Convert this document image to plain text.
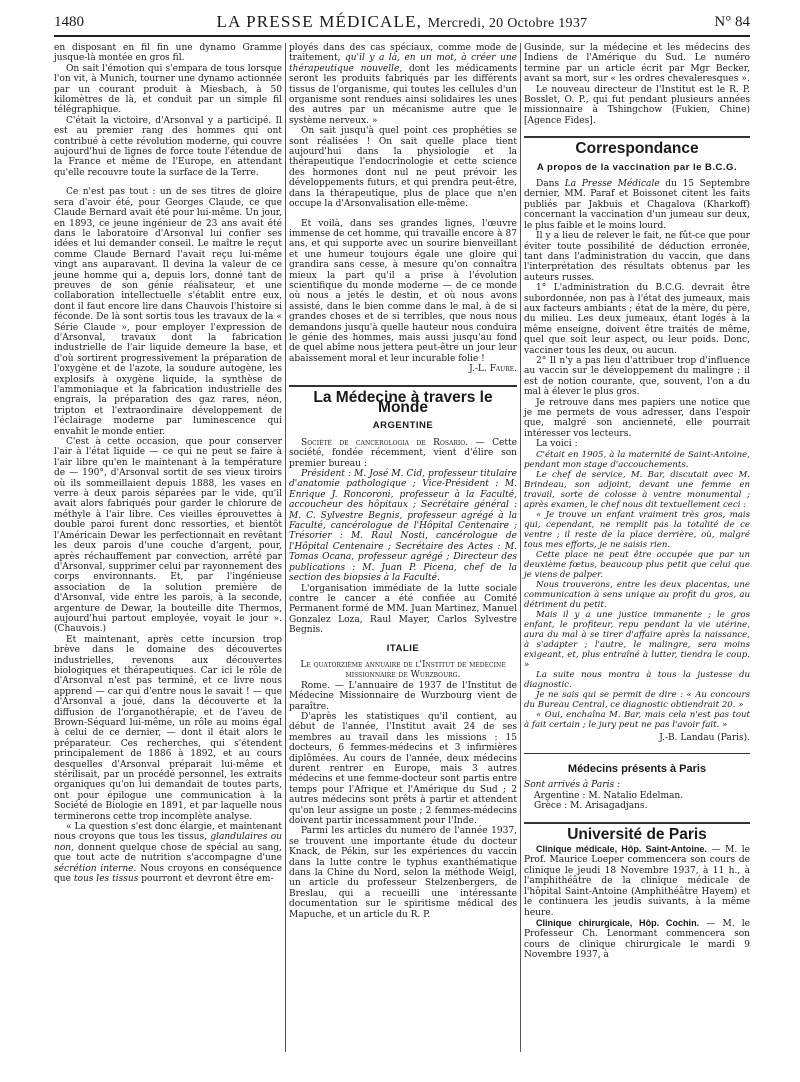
1480	LA PRESSE MÉDICALE, Mercredi, 20 Octobre 1937	N° 84

en disposant en fil fin une dynamo Gramme jusque-là montée en gros fil.

On sait l'émotion qui s'empara de tous lorsque l'on vit, à Munich, tourner une dynamo actionnée par un courant produit à Miesbach, à 50 kilomètres de là, et conduit par un simple fil télégraphique.

C'était la victoire, d'Arsonval y a participé. Il est au premier rang des hommes qui ont contribué à cette révolution moderne, qui couvre aujourd'hui de lignes de force toute l'étendue de la France et même de l'Europe, en attendant qu'elle recouvre toute la surface de la Terre.

Ce n'est pas tout : un de ses titres de gloire sera d'avoir été, pour Georges Claude, ce que Claude Bernard avait été pour lui-même. Un jour, en 1893, ce jeune ingénieur de 23 ans avait été dans le laboratoire d'Arsonval lui confier ses idées et lui demander conseil. Le maître le reçut comme Claude Bernard l'avait reçu lui-même vingt ans auparavant. Il devina la valeur de ce jeune homme qui a, depuis lors, donné tant de preuves de son génie réalisateur, et une collaboration intellectuelle s'établit entre eux, dont il faut encore lire dans Chauvois l'histoire si féconde. De là sont sortis tous les travaux de la « Série Claude », pour employer l'expression de d'Arsonval, travaux dont la fabrication industrielle de l'air liquide demeure la base, et d'où sortirent progressivement la préparation de l'oxygène et de l'azote, la soudure autogène, les explosifs à oxygène liquide, la synthèse de l'ammoniaque et la fabrication industrielle des engrais, la préparation des gaz rares, néon, tripton et l'extraordinaire développement de l'éclairage moderne par luminescence qui envahit le monde entier.

C'est à cette occasion, que pour conserver l'air à l'état liquide — ce qui ne peut se faire à l'air libre qu'en le maintenant à la température de — 190°, d'Arsonval sortit de ses vieux tiroirs où ils sommeillaient depuis 1888, les vases en verre à deux parois séparées par le vide, qu'il avait alors fabriqués pour garder le chlorure de méthyle à l'air libre. Ces vieilles éprouvettes à double paroi furent donc ressorties, et bientôt l'Américain Dewar les perfectionnait en revêtant les deux parois d'une couche d'argent, pour, après réchauffement par convection, arrêté par d'Arsonval, supprimer celui par rayonnement des corps environnants. Et, par l'ingénieuse association de la solution première de d'Arsonval, vide entre les parois, à la seconde, argenture de Dewar, la bouteille dite Thermos, aujourd'hui partout employée, voyait le jour ». (Chauvois.)

Et maintenant, après cette incursion trop brève dans le domaine des découvertes industrielles, revenons aux découvertes biologiques et thérapeutiques. Car ici le rôle de d'Arsonval n'est pas terminé, et ce livre nous apprend — car qui d'entre nous le savait ! — que d'Arsonval a joué, dans la découverte et la diffusion de l'organothérapie, et de l'aveu de Brown-Séquard lui-même, un rôle au moins égal à celui de ce dernier, — dont il était alors le préparateur. Ces recherches, qui s'étendent principalement de 1886 à 1892, et au cours desquelles d'Arsonval préparait lui-même et stérilisait, par un procédé personnel, les extraits organiques qu'on lui demandait de toutes parts, ont pour épilogue une communication à la Société de Biologie en 1891, et par laquelle nous terminerons cette trop incomplète analyse.

« La question s'est donc élargie, et maintenant nous croyons que tous les tissus, glandulaires ou non, donnent quelque chose de spécial au sang, que tout acte de nutrition s'accompagne d'une sécrétion interne. Nous croyons en conséquence que tous les tissus pourront et devront être em-

ployés dans des cas spéciaux, comme mode de traitement, qu'il y a là, en un mot, à créer une thérapeutique nouvelle, dont les médicaments seront les produits fabriqués par les différents tissus de l'organisme, qui toutes les cellules d'un organisme sont rendues ainsi solidaires les unes des autres par un mécanisme autre que le système nerveux. »

On sait jusqu'à quel point ces prophéties se sont réalisées ! On sait quelle place tient aujourd'hui dans la physiologie et la thérapeutique l'endocrinologie et cette science des hormones dont nul ne peut prévoir les développements futurs, et qui prendra peut-être, dans la thérapeutique, plus de place que n'en occupe la d'Arsonvalisation elle-même.

Et voilà, dans ses grandes lignes, l'œuvre immense de cet homme, qui travaille encore à 87 ans, et qui supporte avec un sourire bienveillant et une humeur toujours égale une gloire qui grandira sans cesse, à mesure qu'on connaîtra mieux la part qu'il a prise à l'évolution scientifique du monde moderne — de ce monde où nous a jetés le destin, et où nous avons assisté, dans le bien comme dans le mal, à de si grandes choses et de si terribles, que nous nous demandons jusqu'à quelle hauteur nous conduira le génie des hommes, mais aussi jusqu'au fond de quel abîme nous jettera peut-être un jour leur abaissement moral et leur incurable folie !

J.-L. Faure.

La Médecine à travers le Monde
ARGENTINE

Société de cancerologia de Rosario. — Cette société, fondée récemment, vient d'élire son premier bureau :

Président : M. José M. Cid, professeur titulaire d'anatomie pathologique ; Vice-Président : M. Enrique J. Roncoroni, professeur à la Faculté, accoucheur des hôpitaux ; Secrétaire général : M. C. Sylvestre Begnis, professeur agrégé à la Faculté, cancérologue de l'Hôpital Centenaire ; Trésorier : M. Raul Nosti, cancérologue de l'Hôpital Centenaire ; Secrétaire des Actes : M. Tomas Ocana, professeur agrégé ; Directeur des publications : M. Juan P. Picena, chef de la section des biopsies à la Faculté.

L'organisation immédiate de la lutte sociale contre le cancer a été confiée au Comité Permanent formé de MM. Juan Martinez, Manuel Gonzalez Loza, Raul Mayer, Carlos Sylvestre Begnis.

ITALIE

Le quatorzième annuaire de l'Institut de médecine missionnaire de Wurzbourg.

Rome. — L'annuaire de 1937 de l'Institut de Médecine Missionnaire de Wurzbourg vient de paraître.

D'après les statistiques qu'il contient, au début de l'année, l'Institut avait 24 de ses membres au travail dans les missions : 15 docteurs, 6 femmes-médecins et 3 infirmières diplômées. Au cours de l'année, deux médecins durent rentrer en Europe, mais 3 autres médecins et une femme-docteur sont partis entre temps pour l'Afrique et l'Amérique du Sud ; 2 autres médecins sont prêts à partir et attendent qu'on leur assigne un poste ; 2 femmes-médecins doivent partir incessamment pour l'Inde.

Parmi les articles du numéro de l'année 1937, se trouvent une importante étude du docteur Knack, de Pékin, sur les expériences du vaccin dans la lutte contre le typhus exanthématique dans la Chine du Nord, selon la méthode Weigl, un article du professeur Stelzenbergers, de Breslau, qui a recueilli une intéressante documentation sur le spiritisme médical des Mapuche, et un article du R. P.

Gusinde, sur la médecine et les médecins des Indiens de l'Amérique du Sud. Le numéro termine par un article écrit par Mgr Becker, avant sa mort, sur « les ordres chevaleresques ».

Le nouveau directeur de l'Institut est le R. P. Bosslet, O. P., qui fut pendant plusieurs années missionnaire à Tshingchow (Fukien, Chine) [Agence Fides].

Correspondance
A propos de la vaccination par le B.C.G.

Dans La Presse Médicale du 15 Septembre dernier, MM. Paraf et Boissonet citent les faits publiés par Jakbuis et Chagalova (Kharkoff) concernant la vaccination d'un jumeau sur deux, le plus faible et le moins lourd.

Il y a lieu de relever le fait, ne fût-ce que pour éviter toute possibilité de déduction erronée, tant dans l'administration du vaccin, que dans l'interprétation des résultats obtenus par les auteurs russes.

1° L'administration du B.C.G. devrait être subordonnée, non pas à l'état des jumeaux, mais aux facteurs ambiants ; état de la mère, du père, du milieu. Les deux jumeaux, étant logés à la même enseigne, doivent être traités de même, quel que soit leur aspect, ou leur poids. Donc, vacciner tous les deux, ou aucun.

2° Il n'y a pas lieu d'attribuer trop d'influence au vaccin sur le développement du malingre ; il est de notion courante, que, souvent, l'on a du mal à élever le plus gros.

Je retrouve dans mes papiers une notice que je me permets de vous adresser, dans l'espoir que, malgré son ancienneté, elle pourrait intéresser vos lecteurs.

La voici :

C'était en 1905, à la maternité de Saint-Antoine, pendant mon stage d'accouchements.

Le chef de service, M. Bar, discutait avec M. Brindeau, son adjoint, devant une femme en travail, sorte de colosse à ventre monumental ; après examen, le chef nous dit textuellement ceci :

« Je trouve un enfant vraiment très gros, mais qui, cependant, ne remplit pas la totalité de ce ventre ; il reste de la place derrière, où, malgré tous mes efforts, je ne saisis rien.

Cette place ne peut être occupée que par un deuxième fœtus, beaucoup plus petit que celui que je viens de palper.

Nous trouverons, entre les deux placentas, une communication à sens unique au profit du gros, au détriment du petit.

Mais il y a une justice immanente ; le gros enfant, le profiteur, repu pendant la vie utérine, aura du mal à se tirer d'affaire après la naissance, à s'adapter ; l'autre, le malingre, sera moins exigeant, et, plus entraîné à lutter, tiendra le coup. »

La suite nous montra à tous la justesse du diagnostic.

Je ne sais qui se permit de dire : « Au concours du Bureau Central, ce diagnostic obtiendrait 20. »

« Oui, enchaîna M. Bar, mais cela n'est pas tout à fait certain ; le jury peut ne pas l'avoir fait. »

J.-B. Landau (Paris).

Médecins présents à Paris

Sont arrivés à Paris :

Argentine : M. Natalio Edelman.

Grèce : M. Arisagadjans.

Université de Paris

Clinique médicale, Hôp. Saint-Antoine. — M. le Prof. Maurice Loeper commencera son cours de clinique le jeudi 18 Novembre 1937, à 11 h., à l'amphithéâtre de la clinique médicale de l'hôpital Saint-Antoine (Amphithéâtre Hayem) et le continuera les jeudis suivants, à la même heure.

Clinique chirurgicale, Hôp. Cochin. — M. le Professeur Ch. Lenormant commencera son cours de clinique chirurgicale le mardi 9 Novembre 1937, à
